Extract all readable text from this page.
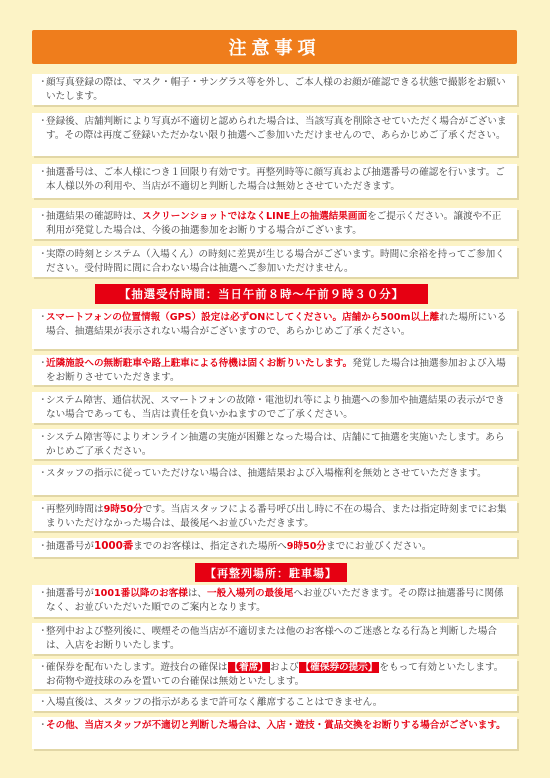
注意事項
・
顔写真登録の際は、マスク・帽子・サングラス等を外し、ご本人様のお顔が確認できる状態で撮影をお願いいたします。
・
登録後、店舗判断により写真が不適切と認められた場合は、当該写真を削除させていただく場合がございます。その際は再度ご登録いただかない限り抽選へご参加いただけませんので、あらかじめご了承ください。
・
抽選番号は、ご本人様につき１回限り有効です。再整列時等に顔写真および抽選番号の確認を行います。ご本人様以外の利用や、当店が不適切と判断した場合は無効とさせていただきます。
・
抽選結果の確認時は、スクリーンショットではなくLINE上の抽選結果画面をご提示ください。譲渡や不正利用が発覚した場合は、今後の抽選参加をお断りする場合がございます。
・
実際の時刻とシステム（入場くん）の時刻に差異が生じる場合がございます。時間に余裕を持ってご参加ください。受付時間に間に合わない場合は抽選へご参加いただけません。
【抽選受付時間：当日午前８時〜午前９時３０分】
・
スマートフォンの位置情報（GPS）設定は必ずONにしてください。店舗から500m以上離れた場所にいる場合、抽選結果が表示されない場合がございますので、あらかじめご了承ください。
・
近隣施設への無断駐車や路上駐車による待機は固くお断りいたします。発覚した場合は抽選参加および入場をお断りさせていただきます。
・
システム障害、通信状況、スマートフォンの故障・電池切れ等により抽選への参加や抽選結果の表示ができない場合であっても、当店は責任を負いかねますのでご了承ください。
・
システム障害等によりオンライン抽選の実施が困難となった場合は、店舗にて抽選を実施いたします。あらかじめご了承ください。
・
スタッフの指示に従っていただけない場合は、抽選結果および入場権利を無効とさせていただきます。
・
再整列時間は9時50分です。当店スタッフによる番号呼び出し時に不在の場合、または指定時刻までにお集まりいただけなかった場合は、最後尾へお並びいただきます。
・
抽選番号が1000番までのお客様は、指定された場所へ9時50分までにお並びください。
【再整列場所：駐車場】
・
抽選番号が1001番以降のお客様は、一般入場列の最後尾へお並びいただきます。その際は抽選番号に関係なく、お並びいただいた順でのご案内となります。
・
整列中および整列後に、喫煙その他当店が不適切または他のお客様へのご迷惑となる行為と判断した場合は、入店をお断りいたします。
・
確保券を配布いたします。遊技台の確保は 【着席】 および 【確保券の提示】 をもって有効といたします。お荷物や遊技球のみを置いての台確保は無効といたします。
・
入場直後は、スタッフの指示があるまで許可なく離席することはできません。
・
その他、当店スタッフが不適切と判断した場合は、入店・遊技・賞品交換をお断りする場合がございます。
